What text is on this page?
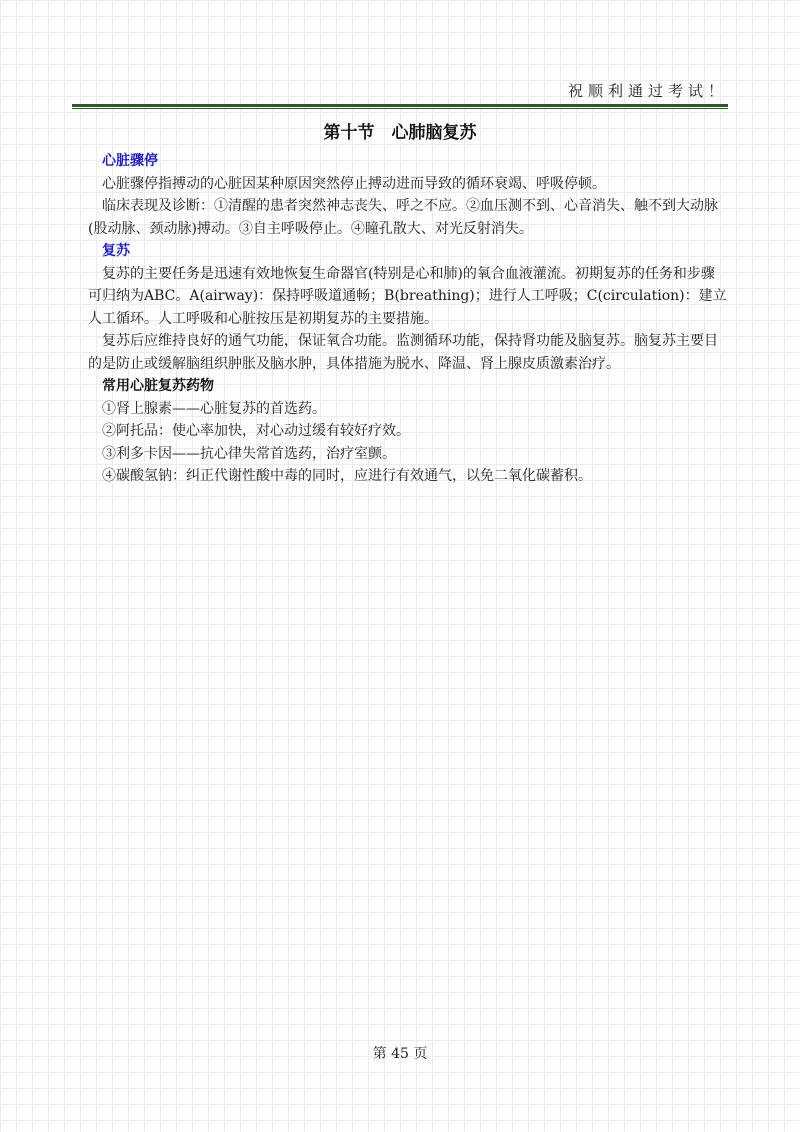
祝顺利通过考试！
第十节　心肺脑复苏
心脏骤停

心脏骤停指搏动的心脏因某种原因突然停止搏动进而导致的循环衰竭、呼吸停顿。

临床表现及诊断：①清醒的患者突然神志丧失、呼之不应。②血压测不到、心音消失、触不到大动脉(股动脉、颈动脉)搏动。③自主呼吸停止。④瞳孔散大、对光反射消失。

复苏

复苏的主要任务是迅速有效地恢复生命器官(特别是心和肺)的氧合血液灌流。初期复苏的任务和步骤可归纳为ABC。A(airway)：保持呼吸道通畅；B(breathing)；进行人工呼吸；C(circulation)：建立人工循环。人工呼吸和心脏按压是初期复苏的主要措施。

复苏后应维持良好的通气功能，保证氧合功能。监测循环功能，保持肾功能及脑复苏。脑复苏主要目的是防止或缓解脑组织肿胀及脑水肿，具体措施为脱水、降温、肾上腺皮质激素治疗。

常用心脏复苏药物

①肾上腺素——心脏复苏的首选药。

②阿托品：使心率加快，对心动过缓有较好疗效。

③利多卡因——抗心律失常首选药，治疗室颤。

④碳酸氢钠：纠正代谢性酸中毒的同时，应进行有效通气，以免二氧化碳蓄积。

第 45 页
